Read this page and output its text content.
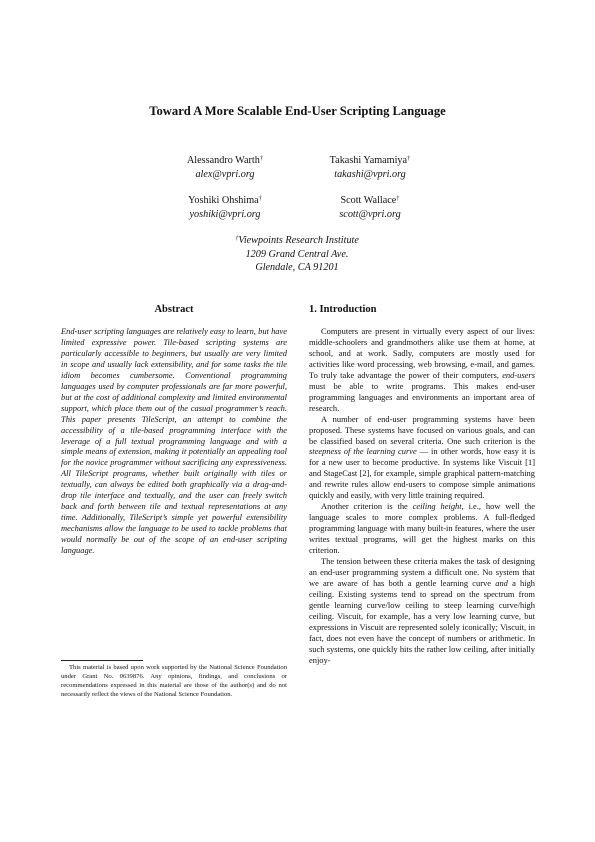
Toward A More Scalable End-User Scripting Language
Alessandro Warth†
alex@vpri.org
Takashi Yamamiya†
takashi@vpri.org
Yoshiki Ohshima†
yoshiki@vpri.org
Scott Wallace†
scott@vpri.org
†Viewpoints Research Institute
1209 Grand Central Ave.
Glendale, CA 91201
Abstract

End-user scripting languages are relatively easy to learn, but have limited expressive power. Tile-based scripting systems are particularly accessible to beginners, but usually are very limited in scope and usually lack extensibility, and for some tasks the tile idiom becomes cumbersome. Conventional programming languages used by computer professionals are far more powerful, but at the cost of additional complexity and limited environmental support, which place them out of the casual programmer’s reach. This paper presents TileScript, an attempt to combine the accessibility of a tile-based programming interface with the leverage of a full textual programming language and with a simple means of extension, making it potentially an appealing tool for the novice programmer without sacrificing any expressiveness. All TileScript programs, whether built originally with tiles or textually, can always be edited both graphically via a drag-and-drop tile interface and textually, and the user can freely switch back and forth between tile and textual representations at any time. Additionally, TileScript’s simple yet powerful extensibility mechanisms allow the language to be used to tackle problems that would normally be out of the scope of an end-user scripting language.

This material is based upon work supported by the National Science Foundation under Grant No. 0639876. Any opinions, findings, and conclusions or recommendations expressed in this material are those of the author(s) and do not necessarily reflect the views of the National Science Foundation.

1. Introduction

Computers are present in virtually every aspect of our lives: middle-schoolers and grandmothers alike use them at home, at school, and at work. Sadly, computers are mostly used for activities like word processing, web browsing, e-mail, and games. To truly take advantage the power of their computers, end-users must be able to write programs. This makes end-user programming languages and environments an important area of research.

A number of end-user programming systems have been proposed. These systems have focused on various goals, and can be classified based on several criteria. One such criterion is the steepness of the learning curve — in other words, how easy it is for a new user to become productive. In systems like Viscuit [1] and StageCast [2], for example, simple graphical pattern-matching and rewrite rules allow end-users to compose simple animations quickly and easily, with very little training required.

Another criterion is the ceiling height, i.e., how well the language scales to more complex problems. A full-fledged programming language with many built-in features, where the user writes textual programs, will get the highest marks on this criterion.

The tension between these criteria makes the task of designing an end-user programming system a difficult one. No system that we are aware of has both a gentle learning curve and a high ceiling. Existing systems tend to spread on the spectrum from gentle learning curve/low ceiling to steep learning curve/high ceiling. Viscuit, for example, has a very low learning curve, but expressions in Viscuit are represented solely iconically; Viscuit, in fact, does not even have the concept of numbers or arithmetic. In such systems, one quickly hits the rather low ceiling, after initially enjoy-
